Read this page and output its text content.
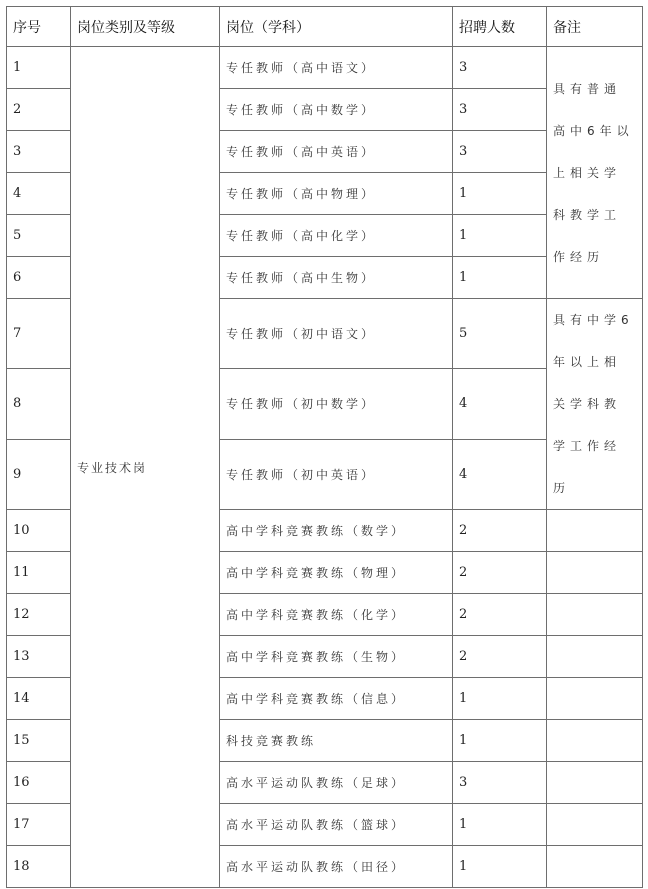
序号	岗位类别及等级	岗位（学科）	招聘人数	备注
1	专业技术岗	专任教师（高中语文）	3	具有普通高中6年以上相关学科教学工作经历
2		专任教师（高中数学）	3	
3		专任教师（高中英语）	3	
4		专任教师（高中物理）	1	
5		专任教师（高中化学）	1	
6		专任教师（高中生物）	1	
7		专任教师（初中语文）	5	具有中学6年以上相关学科教学工作经历
8		专任教师（初中数学）	4	
9		专任教师（初中英语）	4	
10		高中学科竞赛教练（数学）	2	
11		高中学科竞赛教练（物理）	2	
12		高中学科竞赛教练（化学）	2	
13		高中学科竞赛教练（生物）	2	
14		高中学科竞赛教练（信息）	1	
15		科技竞赛教练	1	
16		高水平运动队教练（足球）	3	
17		高水平运动队教练（篮球）	1	
18		高水平运动队教练（田径）	1	
